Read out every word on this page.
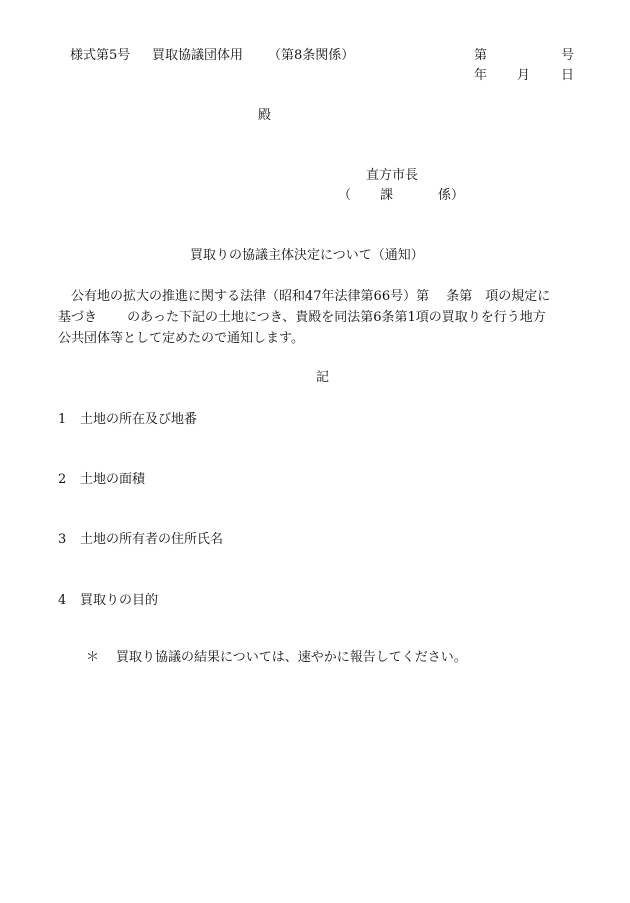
様式第5号 買取協議団体用 （第8条関係）	第	号
年 月 日
殿
直方市長
（ 課	係）
買取りの協議主体決定について（通知）
公有地の拡大の推進に関する法律（昭和47年法律第66号）第　 条第　項の規定に
基づき　　 のあった下記の土地につき、貴殿を同法第6条第1項の買取りを行う地方
公共団体等として定めたので通知します。
記
1 土地の所在及び地番
2 土地の面積
3 土地の所有者の住所氏名
4 買取りの目的
＊ 買取り協議の結果については、速やかに報告してください。
